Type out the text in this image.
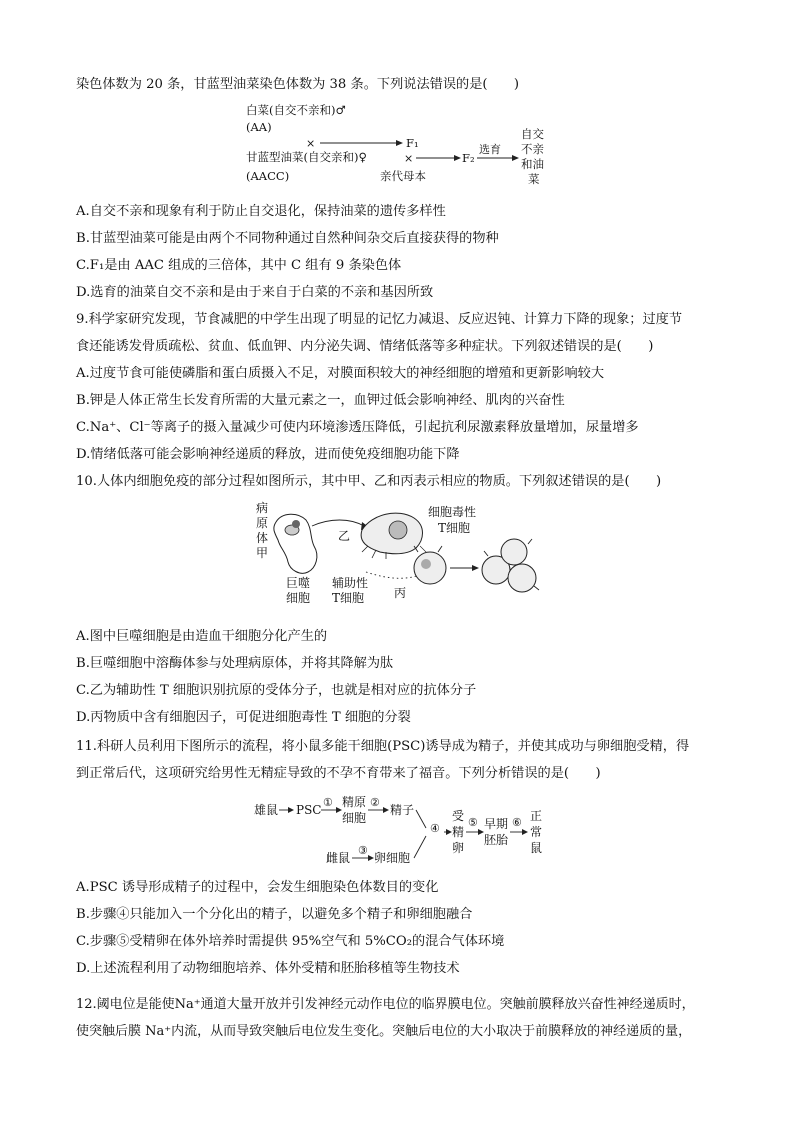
染色体数为 20 条，甘蓝型油菜染色体数为 38 条。下列说法错误的是(　　)
白菜(自交不亲和)♂
(AA)
×	F₁
甘蓝型油菜(自交亲和)♀	×	F₂
选育
自交
不亲
和油
菜
(AACC)	亲代母本
A.自交不亲和现象有利于防止自交退化，保持油菜的遗传多样性
B.甘蓝型油菜可能是由两个不同物种通过自然种间杂交后直接获得的物种
C.F₁是由 AAC 组成的三倍体，其中 C 组有 9 条染色体
D.选育的油菜自交不亲和是由于来自于白菜的不亲和基因所致
9.科学家研究发现，节食减肥的中学生出现了明显的记忆力减退、反应迟钝、计算力下降的现象；过度节
食还能诱发骨质疏松、贫血、低血钾、内分泌失调、情绪低落等多种症状。下列叙述错误的是(　　)
A.过度节食可能使磷脂和蛋白质摄入不足，对膜面积较大的神经细胞的增殖和更新影响较大
B.钾是人体正常生长发育所需的大量元素之一，血钾过低会影响神经、肌肉的兴奋性
C.Na⁺、Cl⁻等离子的摄入量减少可使内环境渗透压降低，引起抗利尿激素释放量增加，尿量增多
D.情绪低落可能会影响神经递质的释放，进而使免疫细胞功能下降
10.人体内细胞免疫的部分过程如图所示，其中甲、乙和丙表示相应的物质。下列叙述错误的是(　　)
病
原
体
甲
巨噬
细胞
乙
辅助性
T细胞 丙
细胞毒性
T细胞
A.图中巨噬细胞是由造血干细胞分化产生的
B.巨噬细胞中溶酶体参与处理病原体，并将其降解为肽
C.乙为辅助性 T 细胞识别抗原的受体分子，也就是相对应的抗体分子
D.丙物质中含有细胞因子，可促进细胞毒性 T 细胞的分裂
11.科研人员利用下图所示的流程，将小鼠多能干细胞(PSC)诱导成为精子，并使其成功与卵细胞受精，得
到正常后代，这项研究给男性无精症导致的不孕不育带来了福音。下列分析错误的是(　　)
雄鼠 PSC
① 精原
细胞
②
精子
雌鼠
③
卵细胞
④
受
精
卵
⑤ 早期
胚胎
⑥ 正
常
鼠
A.PSC 诱导形成精子的过程中，会发生细胞染色体数目的变化
B.步骤④只能加入一个分化出的精子，以避免多个精子和卵细胞融合
C.步骤⑤受精卵在体外培养时需提供 95%空气和 5%CO₂的混合气体环境
D.上述流程利用了动物细胞培养、体外受精和胚胎移植等生物技术
12.阈电位是能使Na⁺通道大量开放并引发神经元动作电位的临界膜电位。突触前膜释放兴奋性神经递质时，
使突触后膜 Na⁺内流，从而导致突触后电位发生变化。突触后电位的大小取决于前膜释放的神经递质的量，
